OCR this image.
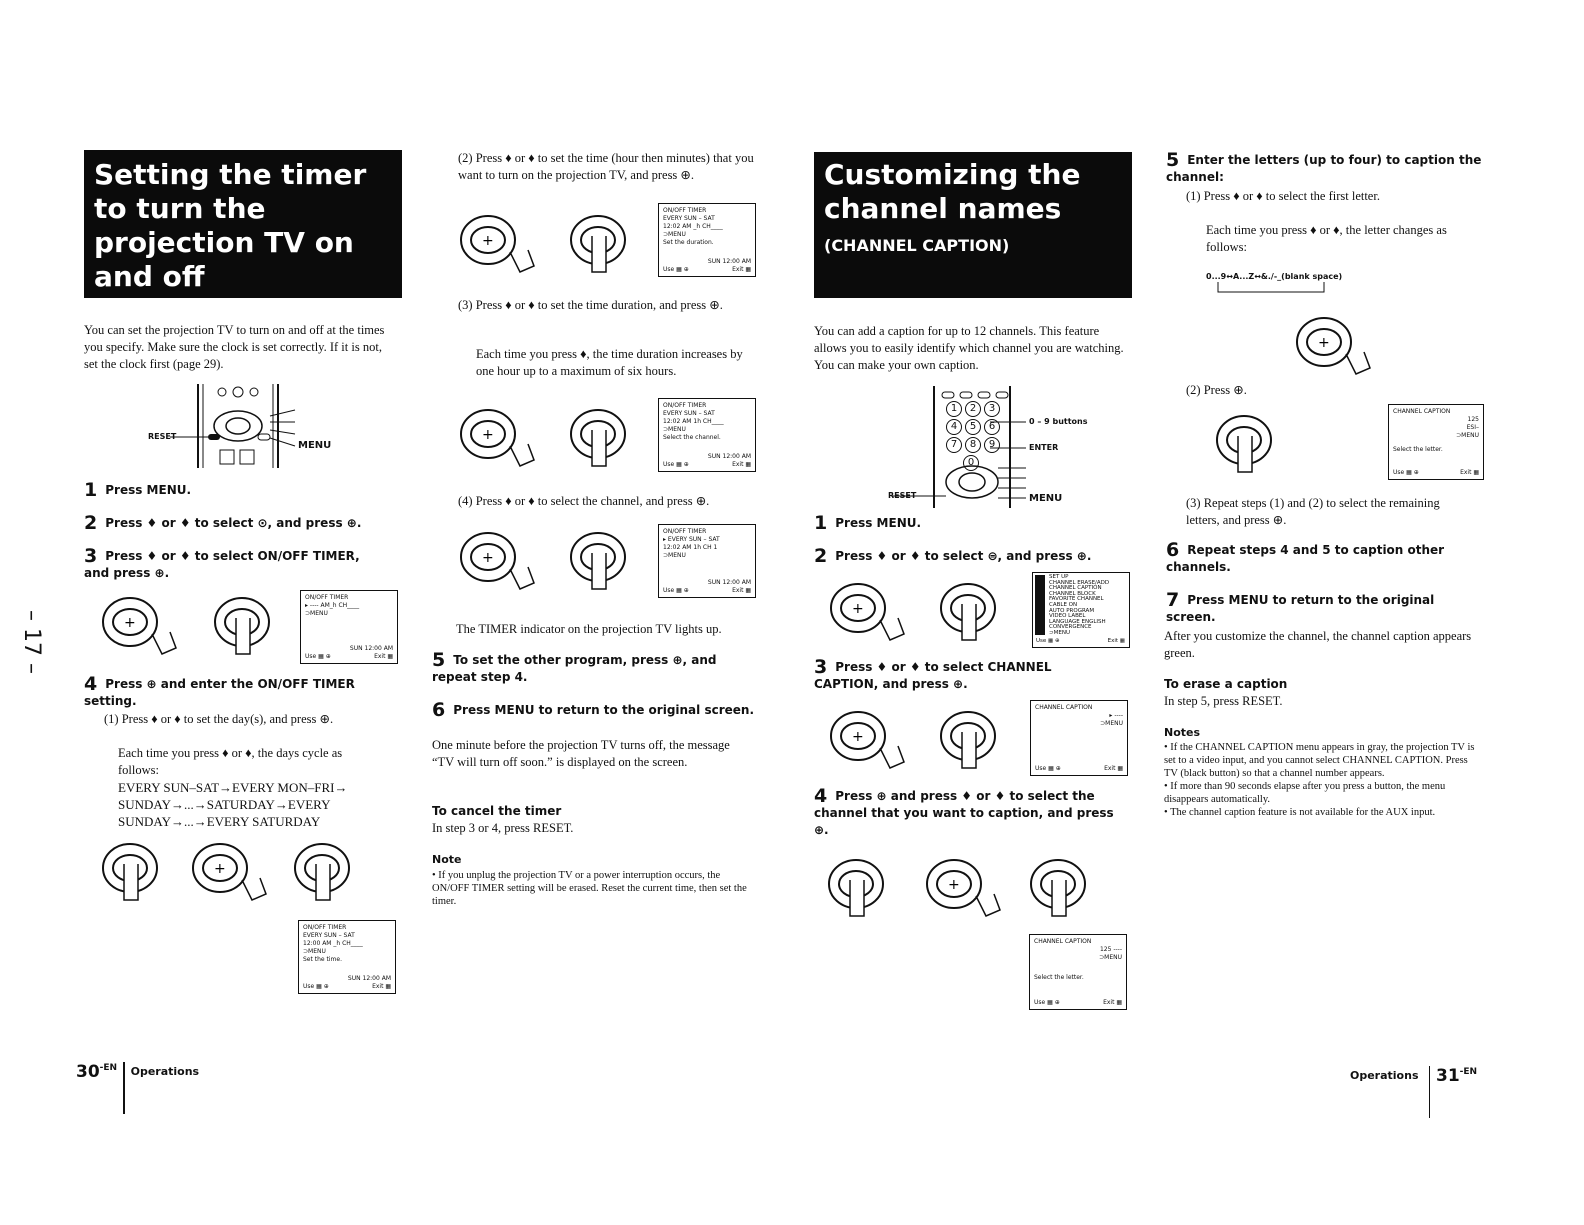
– 17 –
Setting the timer to turn the projection TV on and off
(ON/OFF TIMER)
You can set the projection TV to turn on and off at the times you specify. Make sure the clock is set correctly. If it is not, set the clock first (page 29).
RESET
MENU
1 Press MENU.
2 Press ♦ or ♦ to select ⊙, and press ⊕.
3 Press ♦ or ♦ to select ON/OFF TIMER, and press ⊕.
+
ON/OFF TIMER
▸ ---- AM_h CH____
⊃MENU
SUN 12:00 AM
Use ▦ ⊕	Exit ▦
4 Press ⊕ and enter the ON/OFF TIMER setting.
(1) Press ♦ or ♦ to set the day(s), and press ⊕.
Each time you press ♦ or ♦, the days cycle as follows:
EVERY SUN–SAT→EVERY MON–FRI→ SUNDAY→...→SATURDAY→EVERY SUNDAY→...→EVERY SATURDAY
+
ON/OFF TIMER
EVERY SUN – SAT
12:00 AM _h CH____
⊃MENU
Set the time.
SUN 12:00 AM
Use ▦ ⊕	Exit ▦
(2) Press ♦ or ♦ to set the time (hour then minutes) that you want to turn on the projection TV, and press ⊕.
+
ON/OFF TIMER
EVERY SUN – SAT
12:02 AM _h CH____
⊃MENU
Set the duration.
SUN 12:00 AM
Use ▦ ⊕	Exit ▦
(3) Press ♦ or ♦ to set the time duration, and press ⊕.
Each time you press ♦, the time duration increases by one hour up to a maximum of six hours.
+
ON/OFF TIMER
EVERY SUN – SAT
12:02 AM 1h CH____
⊃MENU
Select the channel.
SUN 12:00 AM
Use ▦ ⊕	Exit ▦
(4) Press ♦ or ♦ to select the channel, and press ⊕.
+
ON/OFF TIMER
▸ EVERY SUN – SAT
12:02 AM 1h CH 1
⊃MENU
SUN 12:00 AM
Use ▦ ⊕	Exit ▦
The TIMER indicator on the projection TV lights up.
5 To set the other program, press ⊕, and repeat step 4.
6 Press MENU to return to the original screen.
One minute before the projection TV turns off, the message “TV will turn off soon.” is displayed on the screen.
To cancel the timer
In step 3 or 4, press RESET.
Note
• If you unplug the projection TV or a power interruption occurs, the ON/OFF TIMER setting will be erased. Reset the current time, then set the timer.
Customizing the channel names
(CHANNEL CAPTION)
You can add a caption for up to 12 channels. This feature allows you to easily identify which channel you are watching. You can make your own caption.
1	2	3
4	5	6
7	8	9
0
0 – 9 buttons
ENTER
RESET	MENU
1 Press MENU.
2 Press ♦ or ♦ to select ⊜, and press ⊕.
+
SET UP
CHANNEL ERASE/ADD
CHANNEL CAPTION
CHANNEL BLOCK
FAVORITE CHANNEL
CABLE ON
AUTO PROGRAM
VIDEO LABEL
LANGUAGE ENGLISH
CONVERGENCE
⊃MENU
Use ▦ ⊕	Exit ▦
3 Press ♦ or ♦ to select CHANNEL CAPTION, and press ⊕.
+
CHANNEL CAPTION
▸ ----
⊃MENU
Use ▦ ⊕	Exit ▦
4 Press ⊕ and press ♦ or ♦ to select the channel that you want to caption, and press ⊕.
+
CHANNEL CAPTION
125 ----
⊃MENU
Select the letter.
Use ▦ ⊕	Exit ▦
5 Enter the letters (up to four) to caption the channel:
(1) Press ♦ or ♦ to select the first letter.
Each time you press ♦ or ♦, the letter changes as follows:
0...9↔A...Z↔&./-_(blank space)
+
(2) Press ⊕.
CHANNEL CAPTION
125
ESI–
⊃MENU
Select the letter.
Use ▦ ⊕	Exit ▦
(3) Repeat steps (1) and (2) to select the remaining letters, and press ⊕.
6 Repeat steps 4 and 5 to caption other channels.
7 Press MENU to return to the original screen.
After you customize the channel, the channel caption appears green.
To erase a caption
In step 5, press RESET.
Notes
• If the CHANNEL CAPTION menu appears in gray, the projection TV is set to a video input, and you cannot select CHANNEL CAPTION. Press TV (black button) so that a channel number appears.
• If more than 90 seconds elapse after you press a button, the menu disappears automatically.
• The channel caption feature is not available for the AUX input.
30 -EN Operations	Operations 31 -EN
